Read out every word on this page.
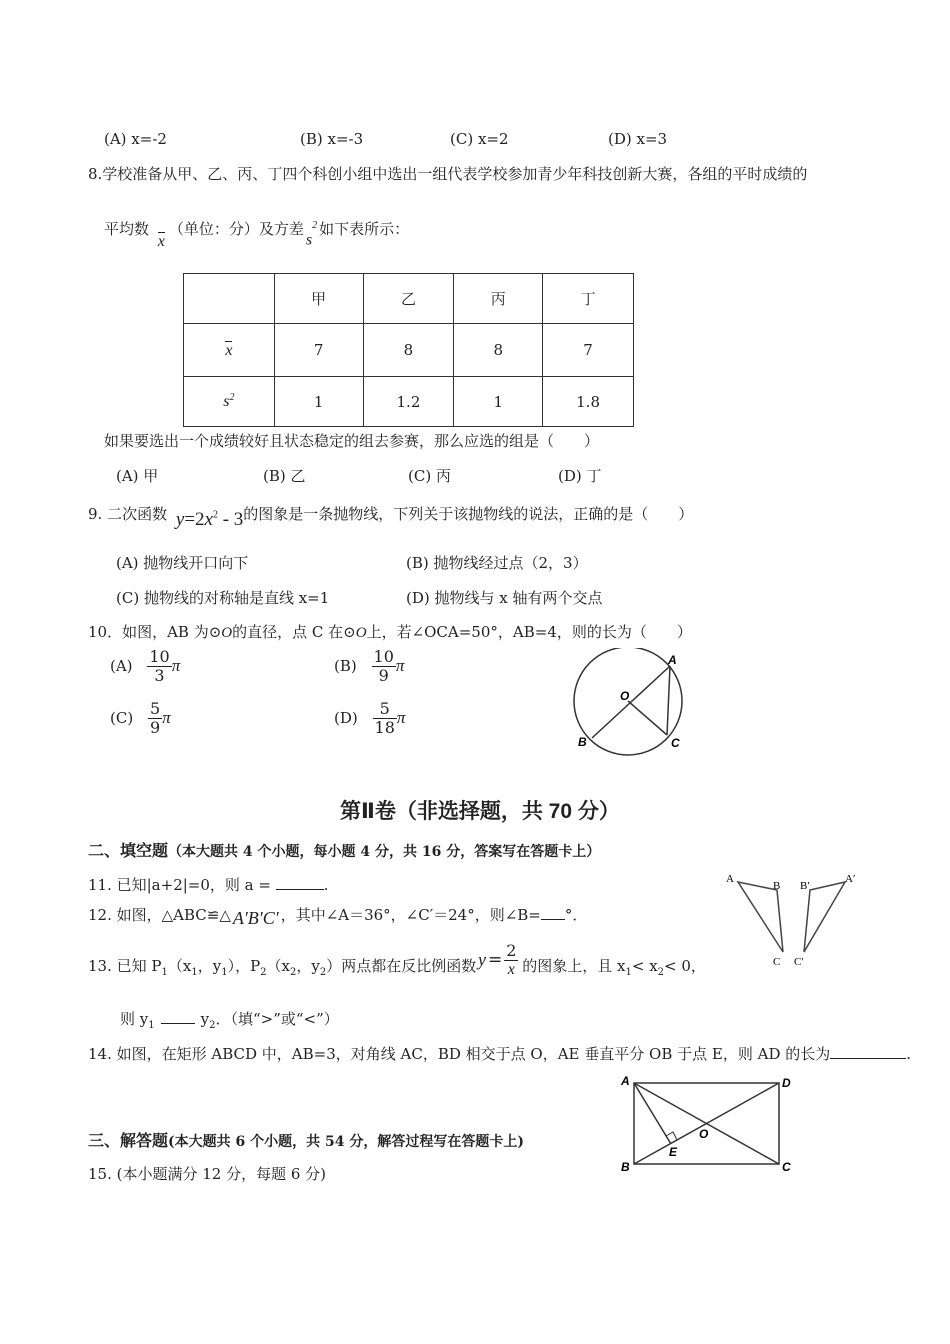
(A) x=-2	(B) x=-3	(C) x=2	(D) x=3
8.学校准备从甲、乙、丙、丁四个科创小组中选出一组代表学校参加青少年科技创新大赛，各组的平时成绩的
平均数 x（单位：分）及方差$s^2$ 如下表所示：
	甲	乙	丙	丁
x	7	8	8	7
$s^2$	1	1.2	1	1.8
如果要选出一个成绩较好且状态稳定的组去参赛，那么应选的组是（　　）
(A) 甲	(B) 乙	(C) 丙	(D) 丁
9. 二次函数 $y=2x^2 - 3$的图象是一条抛物线，下列关于该抛物线的说法，正确的是（　　）
(A) 抛物线开口向下	(B) 抛物线经过点（2，3）
(C) 抛物线的对称轴是直线 x=1	(D) 抛物线与 x 轴有两个交点
10．如图，AB 为⊙O的直径，点 C 在⊙O上，若∠OCA=50°，AB=4，则的长为（　　）
$(A) \frac{10}{3}$ π	$(B) \frac{10}{9}$ π
$(C) \frac{5}{9}$ π	$(D) \frac{5}{18}$ π
A
B	C
O
第Ⅱ卷（非选择题，共 70 分）
二、填空题（本大题共 4 个小题，每小题 4 分，共 16 分，答案写在答题卡上）
11. 已知|a+2|=0，则 a =	.
12. 如图，△ABC≌△ A′B′C′ ，其中∠A＝36°，∠C′＝24°，则∠B= °．
A
B
C
A′
B′
C′
13. 已知 $P_1(x_1$，$y_1$），$P_2(x_2$，$y_2$）两点都在反比例函数	的图象上，且 $x_1< x_2< 0$，
$y = \frac{2}{x}$
则 $y_1$	$y_2$．（填“>”或“<”）
14. 如图，在矩形 ABCD 中，AB=3，对角线 AC，BD 相交于点 O，AE 垂直平分 OB 于点 E，则 AD 的长为	.
A
B	C
D
O
E
三、解答题(本大题共 6 个小题，共 54 分，解答过程写在答题卡上)
15. (本小题满分 12 分，每题 6 分)
